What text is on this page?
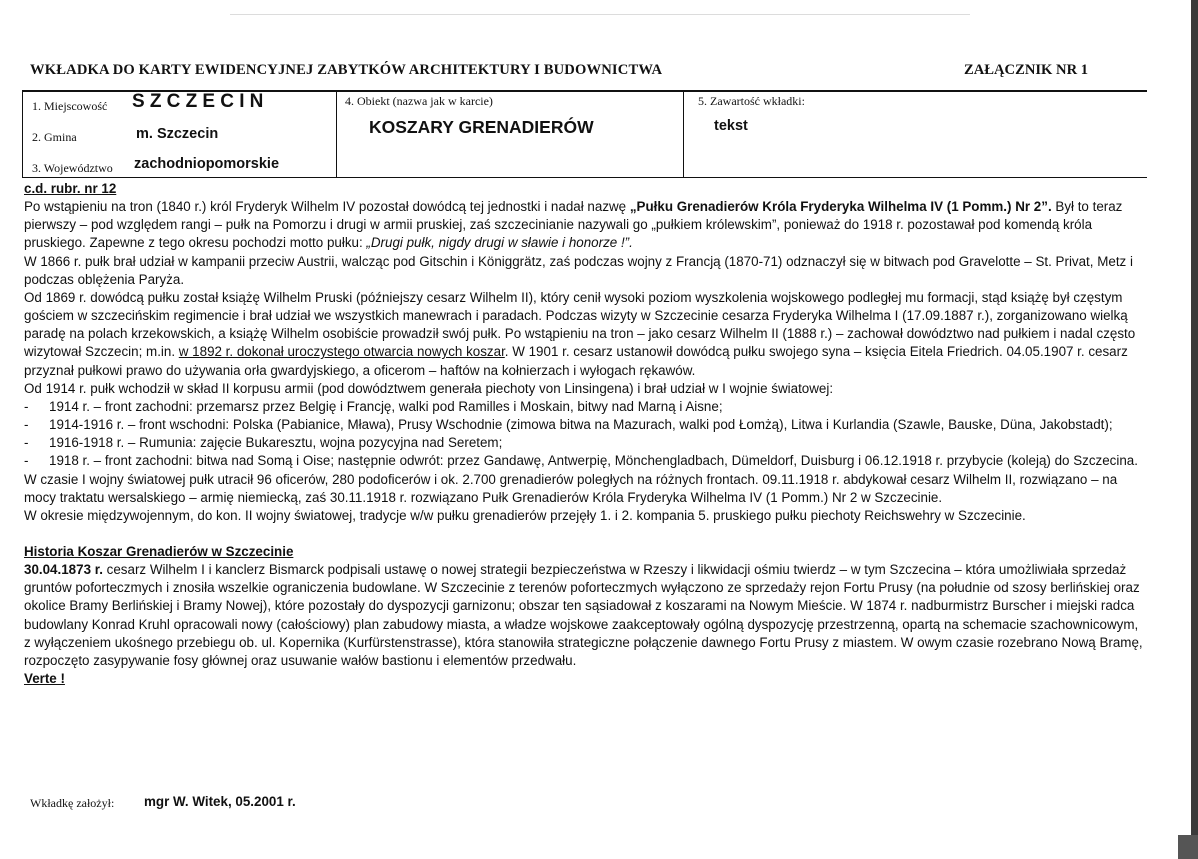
WKŁADKA DO KARTY EWIDENCYJNEJ ZABYTKÓW ARCHITEKTURY I BUDOWNICTWA	ZAŁĄCZNIK NR 1
1. Miejscowość SZCZECIN
2. Gmina	m. Szczecin
3. Województwo zachodniopomorskie
4. Obiekt (nazwa jak w karcie)
KOSZARY GRENADIERÓW
5. Zawartość wkładki:
tekst

c.d. rubr. nr 12

Po wstąpieniu na tron (1840 r.) król Fryderyk Wilhelm IV pozostał dowódcą tej jednostki i nadał nazwę „Pułku Grenadierów Króla Fryderyka Wilhelma IV (1 Pomm.) Nr 2”. Był to teraz pierwszy – pod względem rangi – pułk na Pomorzu i drugi w armii pruskiej, zaś szczecinianie nazywali go „pułkiem królewskim”, ponieważ do 1918 r. pozostawał pod komendą króla pruskiego. Zapewne z tego okresu pochodzi motto pułku: „Drugi pułk, nigdy drugi w sławie i honorze !”.

W 1866 r. pułk brał udział w kampanii przeciw Austrii, walcząc pod Gitschin i Königgrätz, zaś podczas wojny z Francją (1870-71) odznaczył się w bitwach pod Gravelotte – St. Privat, Metz i podczas oblężenia Paryża.

Od 1869 r. dowódcą pułku został książę Wilhelm Pruski (późniejszy cesarz Wilhelm II), który cenił wysoki poziom wyszkolenia wojskowego podległej mu formacji, stąd książę był częstym gościem w szczecińskim regimencie i brał udział we wszystkich manewrach i paradach. Podczas wizyty w Szczecinie cesarza Fryderyka Wilhelma I (17.09.1887 r.), zorganizowano wielką paradę na polach krzekowskich, a książę Wilhelm osobiście prowadził swój pułk. Po wstąpieniu na tron – jako cesarz Wilhelm II (1888 r.) – zachował dowództwo nad pułkiem i nadal często wizytował Szczecin; m.in. w 1892 r. dokonał uroczystego otwarcia nowych koszar. W 1901 r. cesarz ustanowił dowódcą pułku swojego syna – księcia Eitela Friedrich. 04.05.1907 r. cesarz przyznał pułkowi prawo do używania orła gwardyjskiego, a oficerom – haftów na kołnierzach i wyłogach rękawów.

Od 1914 r. pułk wchodził w skład II korpusu armii (pod dowództwem generała piechoty von Linsingena) i brał udział w I wojnie światowej:

- 1914 r. – front zachodni: przemarsz przez Belgię i Francję, walki pod Ramilles i Moskain, bitwy nad Marną i Aisne;

- 1914-1916 r. – front wschodni: Polska (Pabianice, Mława), Prusy Wschodnie (zimowa bitwa na Mazurach, walki pod Łomżą), Litwa i Kurlandia (Szawle, Bauske, Düna, Jakobstadt);

- 1916-1918 r. – Rumunia: zajęcie Bukaresztu, wojna pozycyjna nad Seretem;

- 1918 r. – front zachodni: bitwa nad Somą i Oise; następnie odwrót: przez Gandawę, Antwerpię, Mönchengladbach, Dümeldorf, Duisburg i 06.12.1918 r. przybycie (koleją) do Szczecina.

W czasie I wojny światowej pułk utracił 96 oficerów, 280 podoficerów i ok. 2.700 grenadierów poległych na różnych frontach. 09.11.1918 r. abdykował cesarz Wilhelm II, rozwiązano – na mocy traktatu wersalskiego – armię niemiecką, zaś 30.11.1918 r. rozwiązano Pułk Grenadierów Króla Fryderyka Wilhelma IV (1 Pomm.) Nr 2 w Szczecinie.

W okresie międzywojennym, do kon. II wojny światowej, tradycje w/w pułku grenadierów przejęły 1. i 2. kompania 5. pruskiego pułku piechoty Reichswehry w Szczecinie.

Historia Koszar Grenadierów w Szczecinie

30.04.1873 r. cesarz Wilhelm I i kanclerz Bismarck podpisali ustawę o nowej strategii bezpieczeństwa w Rzeszy i likwidacji ośmiu twierdz – w tym Szczecina – która umożliwiała sprzedaż gruntów poforteczmych i znosiła wszelkie ograniczenia budowlane. W Szczecinie z terenów poforteczmych wyłączono ze sprzedaży rejon Fortu Prusy (na południe od szosy berlińskiej oraz okolice Bramy Berlińskiej i Bramy Nowej), które pozostały do dyspozycji garnizonu; obszar ten sąsiadował z koszarami na Nowym Mieście. W 1874 r. nadburmistrz Burscher i miejski radca budowlany Konrad Kruhl opracowali nowy (całościowy) plan zabudowy miasta, a władze wojskowe zaakceptowały ogólną dyspozycję przestrzenną, opartą na schemacie szachownicowym, z wyłączeniem ukośnego przebiegu ob. ul. Kopernika (Kurfürstenstrasse), która stanowiła strategiczne połączenie dawnego Fortu Prusy z miastem. W owym czasie rozebrano Nową Bramę, rozpoczęto zasypywanie fosy głównej oraz usuwanie wałów bastionu i elementów przedwału.

Verte !

Wkładkę założył: mgr W. Witek, 05.2001 r.
